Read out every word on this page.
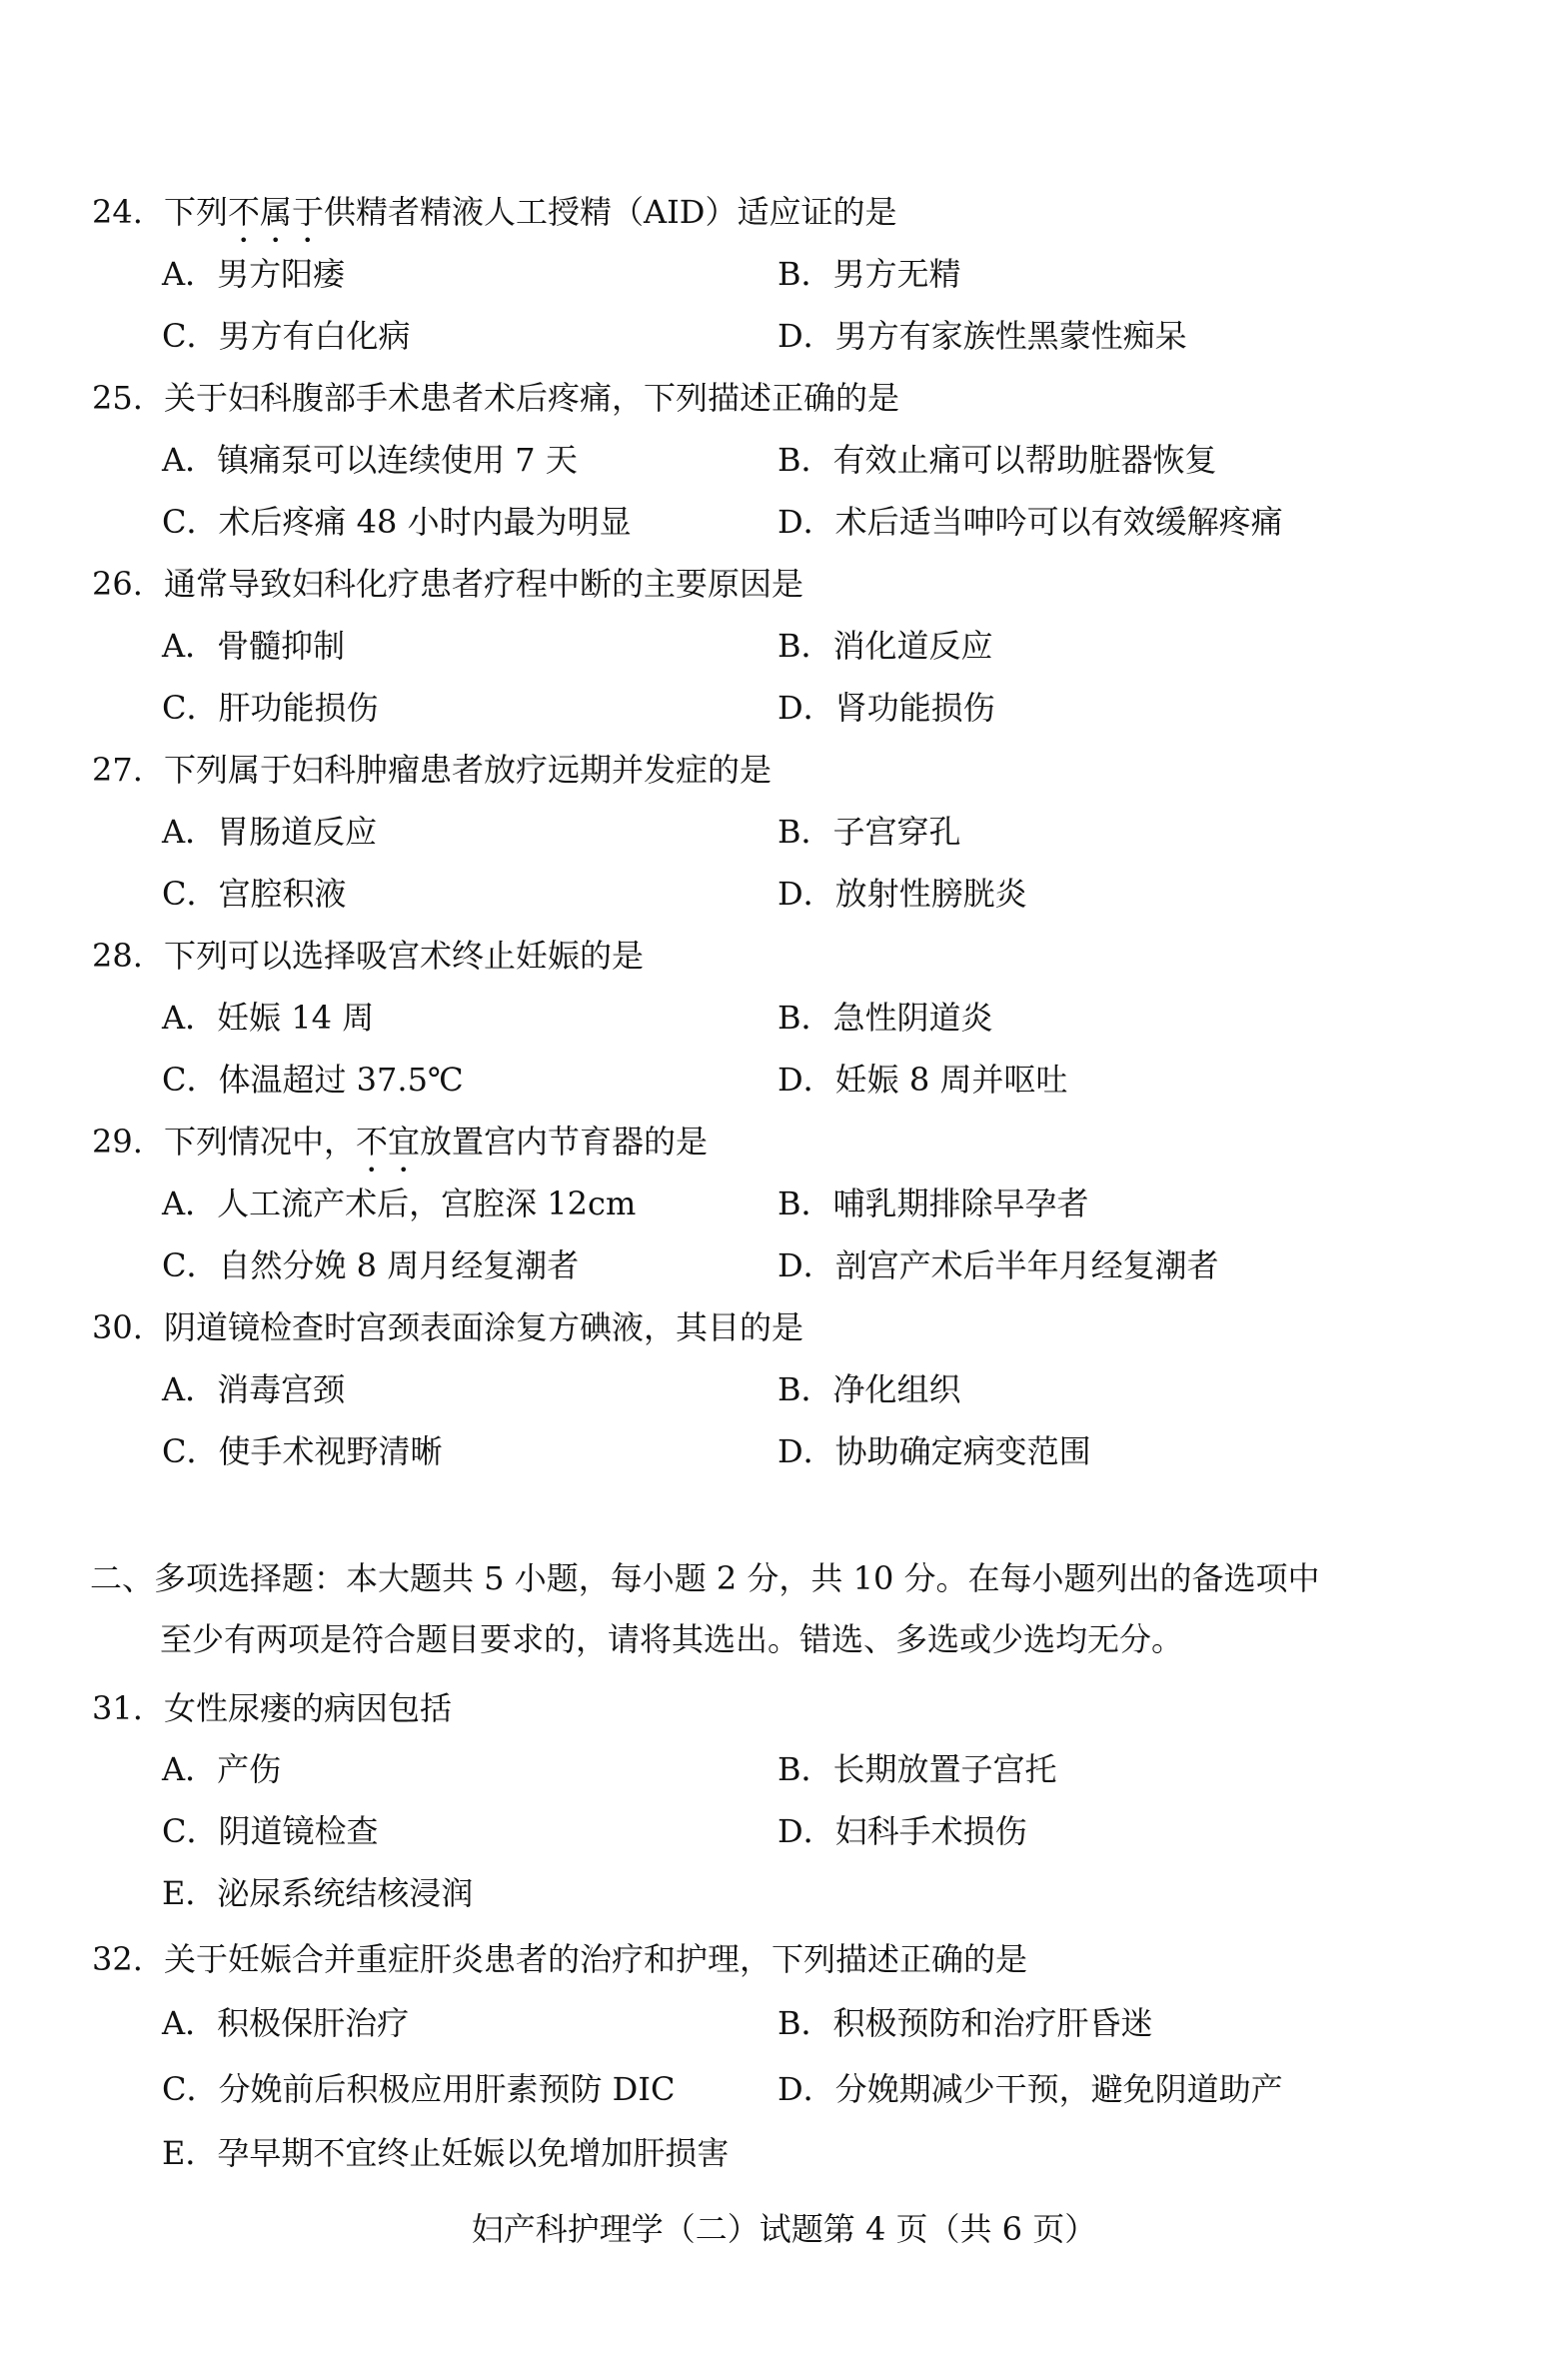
二、多项选择题：本大题共 5 小题，每小题 2 分，共 10 分。在每小题列出的备选项中
至少有两项是符合题目要求的，请将其选出。错选、多选或少选均无分。
妇产科护理学（二）试题第 4 页（共 6 页）
24. 下列不属于供精者精液人工授精（AID）适应证的是
A．男方阳痿	B．男方无精
C．男方有白化病	D．男方有家族性黑蒙性痴呆
25. 关于妇科腹部手术患者术后疼痛，下列描述正确的是
A．镇痛泵可以连续使用 7 天	B．有效止痛可以帮助脏器恢复
C．术后疼痛 48 小时内最为明显	D．术后适当呻吟可以有效缓解疼痛
26. 通常导致妇科化疗患者疗程中断的主要原因是
A．骨髓抑制	B．消化道反应
C．肝功能损伤	D．肾功能损伤
27. 下列属于妇科肿瘤患者放疗远期并发症的是
A．胃肠道反应	B．子宫穿孔
C．宫腔积液	D．放射性膀胱炎
28. 下列可以选择吸宫术终止妊娠的是
A．妊娠 14 周	B．急性阴道炎
C．体温超过 37.5℃	D．妊娠 8 周并呕吐
29. 下列情况中，不宜放置宫内节育器的是
A．人工流产术后，宫腔深 12cm	B．哺乳期排除早孕者
C．自然分娩 8 周月经复潮者	D．剖宫产术后半年月经复潮者
30. 阴道镜检查时宫颈表面涂复方碘液，其目的是
A．消毒宫颈	B．净化组织
C．使手术视野清晰	D．协助确定病变范围
31. 女性尿瘘的病因包括
A．产伤	B．长期放置子宫托
C．阴道镜检查	D．妇科手术损伤
E．泌尿系统结核浸润
32. 关于妊娠合并重症肝炎患者的治疗和护理，下列描述正确的是
A．积极保肝治疗	B．积极预防和治疗肝昏迷
C．分娩前后积极应用肝素预防 DIC	D．分娩期减少干预，避免阴道助产
E．孕早期不宜终止妊娠以免增加肝损害
